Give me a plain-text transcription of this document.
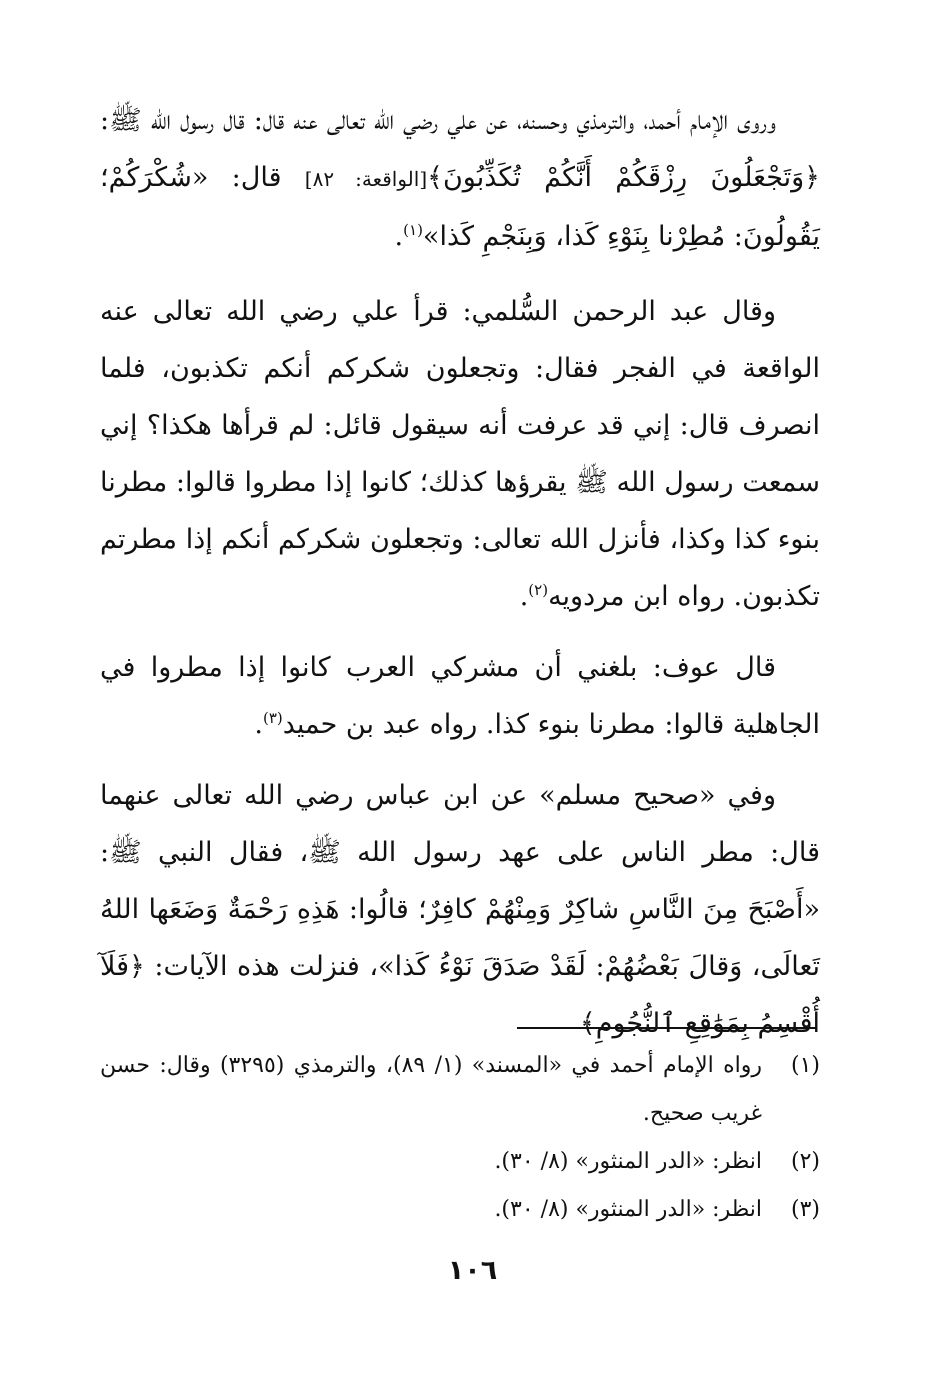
وروى الإمام أحمد، والترمذي وحسنه، عن علي رضي الله تعالى عنه قال: قال رسول الله ﷺ: ﴿وَتَجْعَلُونَ رِزْقَكُمْ أَنَّكُمْ تُكَذِّبُونَ﴾[الواقعة: ٨٢] قال: «شُكْرَكُمْ؛ يَقُولُونَ: مُطِرْنا بِنَوْءِ كَذا، وَبِنَجْمِ كَذا»$^{(١)}$.

وقال عبد الرحمن السُّلمي: قرأ علي رضي الله تعالى عنه الواقعة في الفجر فقال: وتجعلون شكركم أنكم تكذبون، فلما انصرف قال: إني قد عرفت أنه سيقول قائل: لم قرأها هكذا؟ إني سمعت رسول الله ﷺ يقرؤها كذلك؛ كانوا إذا مطروا قالوا: مطرنا بنوء كذا وكذا، فأنزل الله تعالى: وتجعلون شكركم أنكم إذا مطرتم تكذبون. رواه ابن مردويه$^{(٢)}$.

قال عوف: بلغني أن مشركي العرب كانوا إذا مطروا في الجاهلية قالوا: مطرنا بنوء كذا. رواه عبد بن حميد$^{(٣)}$.

وفي «صحيح مسلم» عن ابن عباس رضي الله تعالى عنهما قال: مطر الناس على عهد رسول الله ﷺ، فقال النبي ﷺ: «أَصْبَحَ مِنَ النَّاسِ شاكِرٌ وَمِنْهُمْ كافِرٌ؛ قالُوا: هَذِهِ رَحْمَةٌ وَضَعَها اللهُ تَعالَى، وَقالَ بَعْضُهُمْ: لَقَدْ صَدَقَ نَوْءُ كَذا»، فنزلت هذه الآيات: ﴿فَلَآ أُقْسِمُ بِمَوَٰقِعِ ٱلنُّجُومِ﴾

(١)
رواه الإمام أحمد في «المسند» (١/ ٨٩)، والترمذي (٣٢٩٥) وقال: حسن غريب صحيح.
(٢)
انظر: «الدر المنثور» (٨/ ٣٠).
(٣)
انظر: «الدر المنثور» (٨/ ٣٠).
١٠٦
